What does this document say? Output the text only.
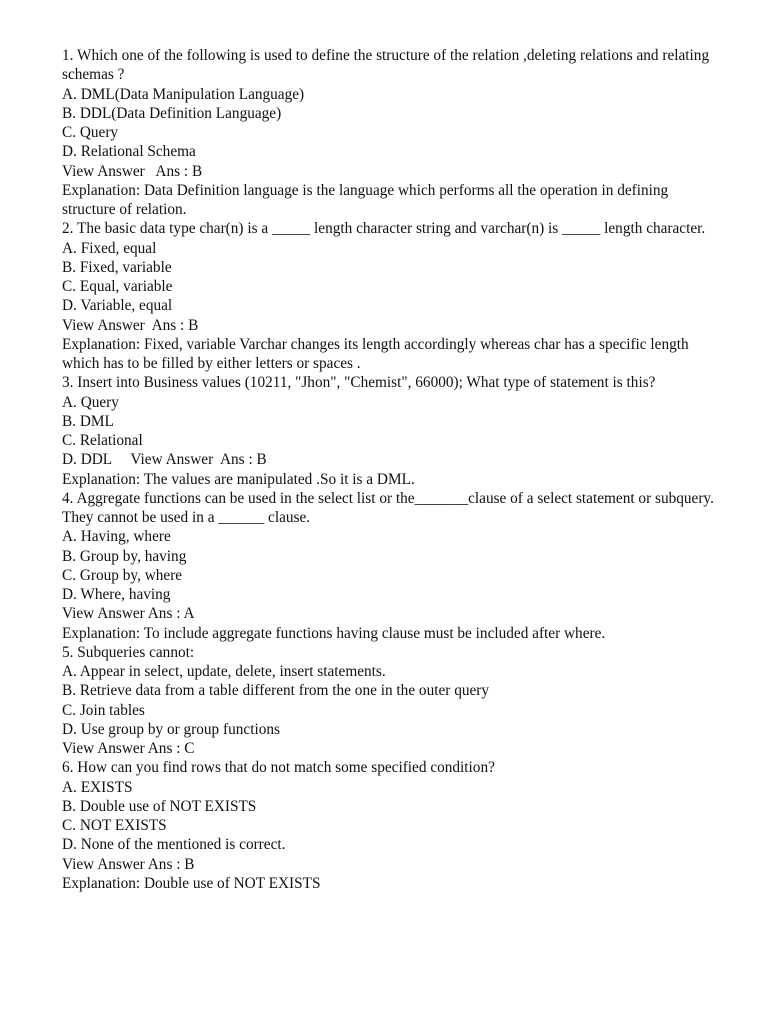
1. Which one of the following is used to define the structure of the relation ,deleting relations and relating schemas ?

A. DML(Data Manipulation Language)

B. DDL(Data Definition Language)

C. Query

D. Relational Schema

View Answer   Ans : B

Explanation: Data Definition language is the language which performs all the operation in defining structure of relation.

2. The basic data type char(n) is a _____ length character string and varchar(n) is _____ length character.

A. Fixed, equal

B. Fixed, variable

C. Equal, variable

D. Variable, equal

View Answer  Ans : B

Explanation: Fixed, variable Varchar changes its length accordingly whereas char has a specific length which has to be filled by either letters or spaces .

3. Insert into Business values (10211, "Jhon", "Chemist", 66000); What type of statement is this?

A. Query

B. DML

C. Relational

D. DDL     View Answer  Ans : B

Explanation: The values are manipulated .So it is a DML.

4. Aggregate functions can be used in the select list or the_______clause of a select statement or subquery. They cannot be used in a ______ clause.

A. Having, where

B. Group by, having

C. Group by, where

D. Where, having

View Answer Ans : A

Explanation: To include aggregate functions having clause must be included after where.

5. Subqueries cannot:

A. Appear in select, update, delete, insert statements.

B. Retrieve data from a table different from the one in the outer query

C. Join tables

D. Use group by or group functions

View Answer Ans : C

6. How can you find rows that do not match some specified condition?

A. EXISTS

B. Double use of NOT EXISTS

C. NOT EXISTS

D. None of the mentioned is correct.

View Answer Ans : B

Explanation: Double use of NOT EXISTS
